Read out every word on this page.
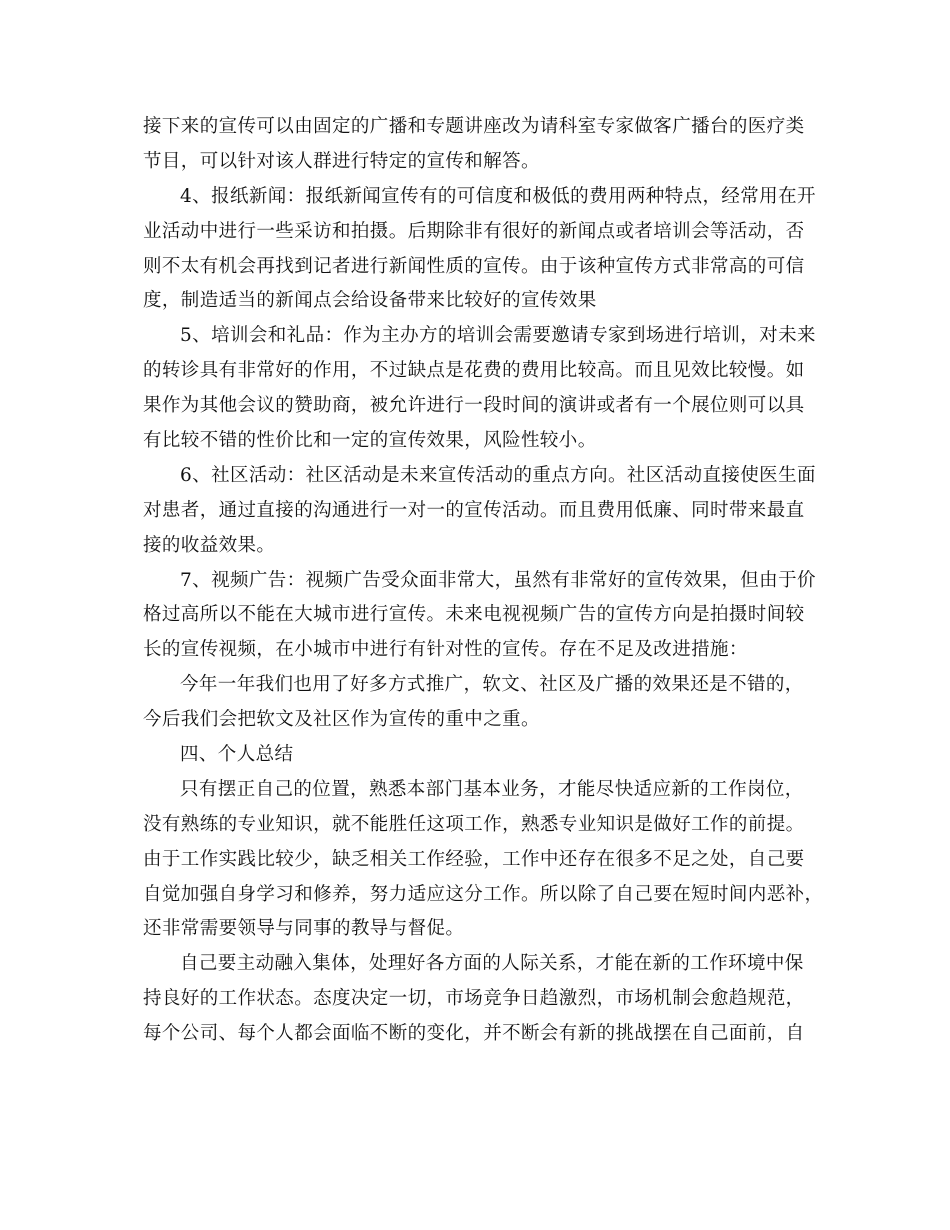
接下来的宣传可以由固定的广播和专题讲座改为请科室专家做客广播台的医疗类
节目，可以针对该人群进行特定的宣传和解答。
4、报纸新闻：报纸新闻宣传有的可信度和极低的费用两种特点，经常用在开
业活动中进行一些采访和拍摄。后期除非有很好的新闻点或者培训会等活动，否
则不太有机会再找到记者进行新闻性质的宣传。由于该种宣传方式非常高的可信
度，制造适当的新闻点会给设备带来比较好的宣传效果
5、培训会和礼品：作为主办方的培训会需要邀请专家到场进行培训，对未来
的转诊具有非常好的作用，不过缺点是花费的费用比较高。而且见效比较慢。如
果作为其他会议的赞助商，被允许进行一段时间的演讲或者有一个展位则可以具
有比较不错的性价比和一定的宣传效果，风险性较小。
6、社区活动：社区活动是未来宣传活动的重点方向。社区活动直接使医生面
对患者，通过直接的沟通进行一对一的宣传活动。而且费用低廉、同时带来最直
接的收益效果。
7、视频广告：视频广告受众面非常大，虽然有非常好的宣传效果，但由于价
格过高所以不能在大城市进行宣传。未来电视视频广告的宣传方向是拍摄时间较
长的宣传视频，在小城市中进行有针对性的宣传。存在不足及改进措施：
今年一年我们也用了好多方式推广，软文、社区及广播的效果还是不错的，
今后我们会把软文及社区作为宣传的重中之重。
四、个人总结
只有摆正自己的位置，熟悉本部门基本业务，才能尽快适应新的工作岗位，
没有熟练的专业知识，就不能胜任这项工作，熟悉专业知识是做好工作的前提。
由于工作实践比较少，缺乏相关工作经验，工作中还存在很多不足之处，自己要
自觉加强自身学习和修养，努力适应这分工作。所以除了自己要在短时间内恶补，
还非常需要领导与同事的教导与督促。
自己要主动融入集体，处理好各方面的人际关系，才能在新的工作环境中保
持良好的工作状态。态度决定一切，市场竞争日趋激烈，市场机制会愈趋规范，
每个公司、每个人都会面临不断的变化，并不断会有新的挑战摆在自己面前，自
